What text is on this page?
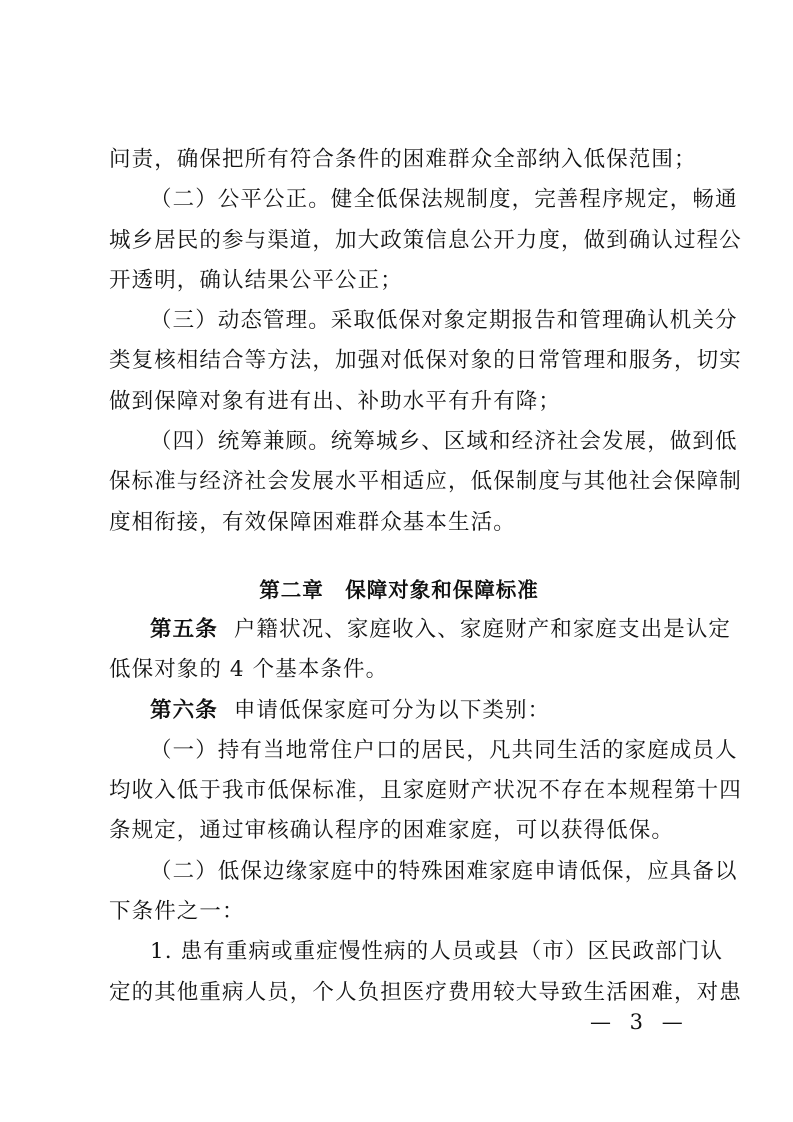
问责，确保把所有符合条件的困难群众全部纳入低保范围；
（二）公平公正。健全低保法规制度，完善程序规定，畅通
城乡居民的参与渠道，加大政策信息公开力度，做到确认过程公
开透明，确认结果公平公正；
（三）动态管理。采取低保对象定期报告和管理确认机关分
类复核相结合等方法，加强对低保对象的日常管理和服务，切实
做到保障对象有进有出、补助水平有升有降；
（四）统筹兼顾。统筹城乡、区域和经济社会发展，做到低
保标准与经济社会发展水平相适应，低保制度与其他社会保障制
度相衔接，有效保障困难群众基本生活。
第二章　保障对象和保障标准
第五条 户籍状况、家庭收入、家庭财产和家庭支出是认定
低保对象的 4 个基本条件。
第六条 申请低保家庭可分为以下类别：
（一）持有当地常住户口的居民，凡共同生活的家庭成员人
均收入低于我市低保标准，且家庭财产状况不存在本规程第十四
条规定，通过审核确认程序的困难家庭，可以获得低保。
（二）低保边缘家庭中的特殊困难家庭申请低保，应具备以
下条件之一：
1. 患有重病或重症慢性病的人员或县（市）区民政部门认
定的其他重病人员，个人负担医疗费用较大导致生活困难，对患
— 3 —
